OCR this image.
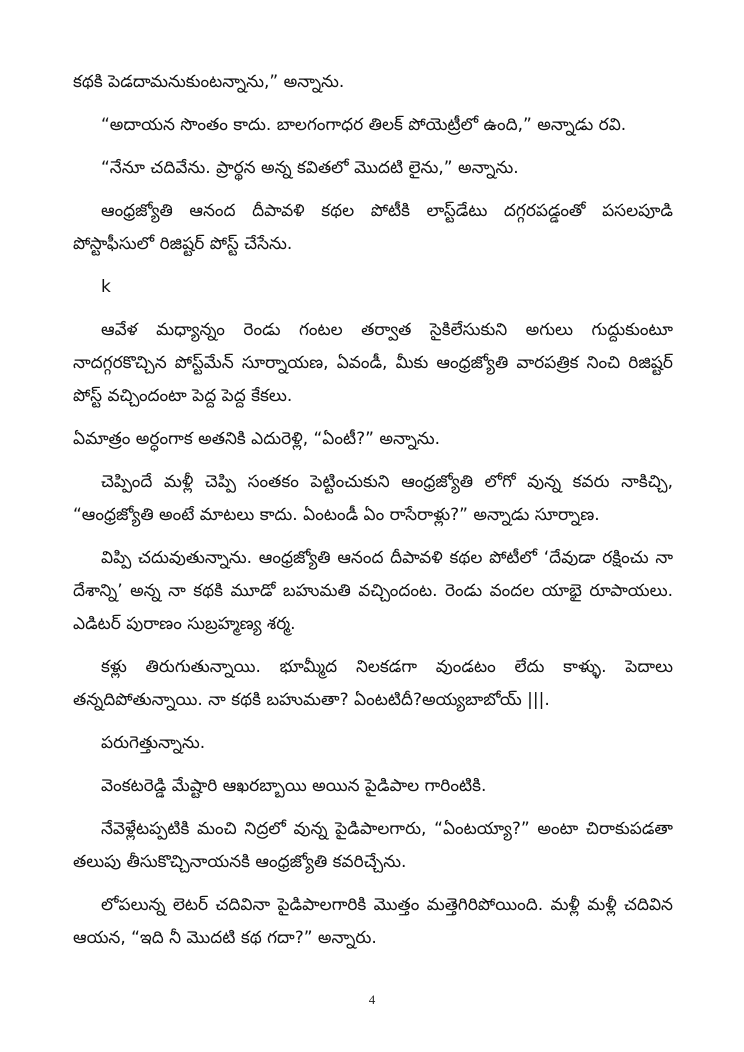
కథకి పెడదామనుకుంటన్నాను,” అన్నాను.

“అదాయన సొంతం కాదు. బాలగంగాధర తిలక్ పోయెట్రీలో ఉంది,” అన్నాడు రవి.

“నేనూ చదివేను. ప్రార్థన అన్న కవితలో మొదటి లైను,” అన్నాను.

ఆంధ్రజ్యోతి ఆనంద దీపావళి కథల పోటీకి లాస్ట్‌డేటు దగ్గరపడ్డంతో పసలపూడి పోస్టాఫీసులో రిజిష్టర్ పోస్ట్ చేసేను.

k

ఆవేళ మధ్యాన్నం రెండు గంటల తర్వాత సైకిలేసుకుని అగులు గుద్దుకుంటూ నాదగ్గరకొచ్చిన పోస్ట్‌మేన్ సూర్నాయణ, ఏవండీ, మీకు ఆంధ్రజ్యోతి వారపత్రిక నించి రిజిష్టర్ పోస్ట్ వచ్చిందంటా పెద్ద పెద్ద కేకలు.

ఏమాత్రం అర్ధంగాక అతనికి ఎదురెళ్లి, “ఏంటీ?” అన్నాను.

చెప్పిందే మళ్లీ చెప్పి సంతకం పెట్టించుకుని ఆంధ్రజ్యోతి లోగో వున్న కవరు నాకిచ్చి, “ఆంధ్రజ్యోతి అంటే మాటలు కాదు. ఏంటండీ ఏం రాసేరాళ్లు?” అన్నాడు సూర్నాణ.

విప్పి చదువుతున్నాను. ఆంధ్రజ్యోతి ఆనంద దీపావళి కథల పోటీలో ‘దేవుడా రక్షించు నా దేశాన్ని’ అన్న నా కథకి మూడో బహుమతి వచ్చిందంట. రెండు వందల యాభై రూపాయలు. ఎడిటర్ పురాణం సుబ్రహ్మణ్య శర్మ.

కళ్లు తిరుగుతున్నాయి. భూమ్మీద నిలకడగా వుండటం లేదు కాళ్ళు. పెదాలు తన్నదిపోతున్నాయి. నా కథకి బహుమతా? ఏంటటిదీ?అయ్యబాబోయ్ |||.

పరుగెత్తున్నాను.

వెంకటరెడ్డి మేష్టారి ఆఖరబ్బాయి అయిన పైడిపాల గారింటికి.

నేవెళ్లేటప్పటికి మంచి నిద్రలో వున్న పైడిపాలగారు, “ఏంటయ్యా?” అంటా చిరాకుపడతా తలుపు తీసుకొచ్చినాయనకి ఆంధ్రజ్యోతి కవరిచ్చేను.

లోపలున్న లెటర్ చదివినా పైడిపాలగారికి మొత్తం మత్తెగిరిపోయింది. మళ్లీ మళ్లీ చదివిన ఆయన, “ఇది నీ మొదటి కథ గదా?” అన్నారు.

4
